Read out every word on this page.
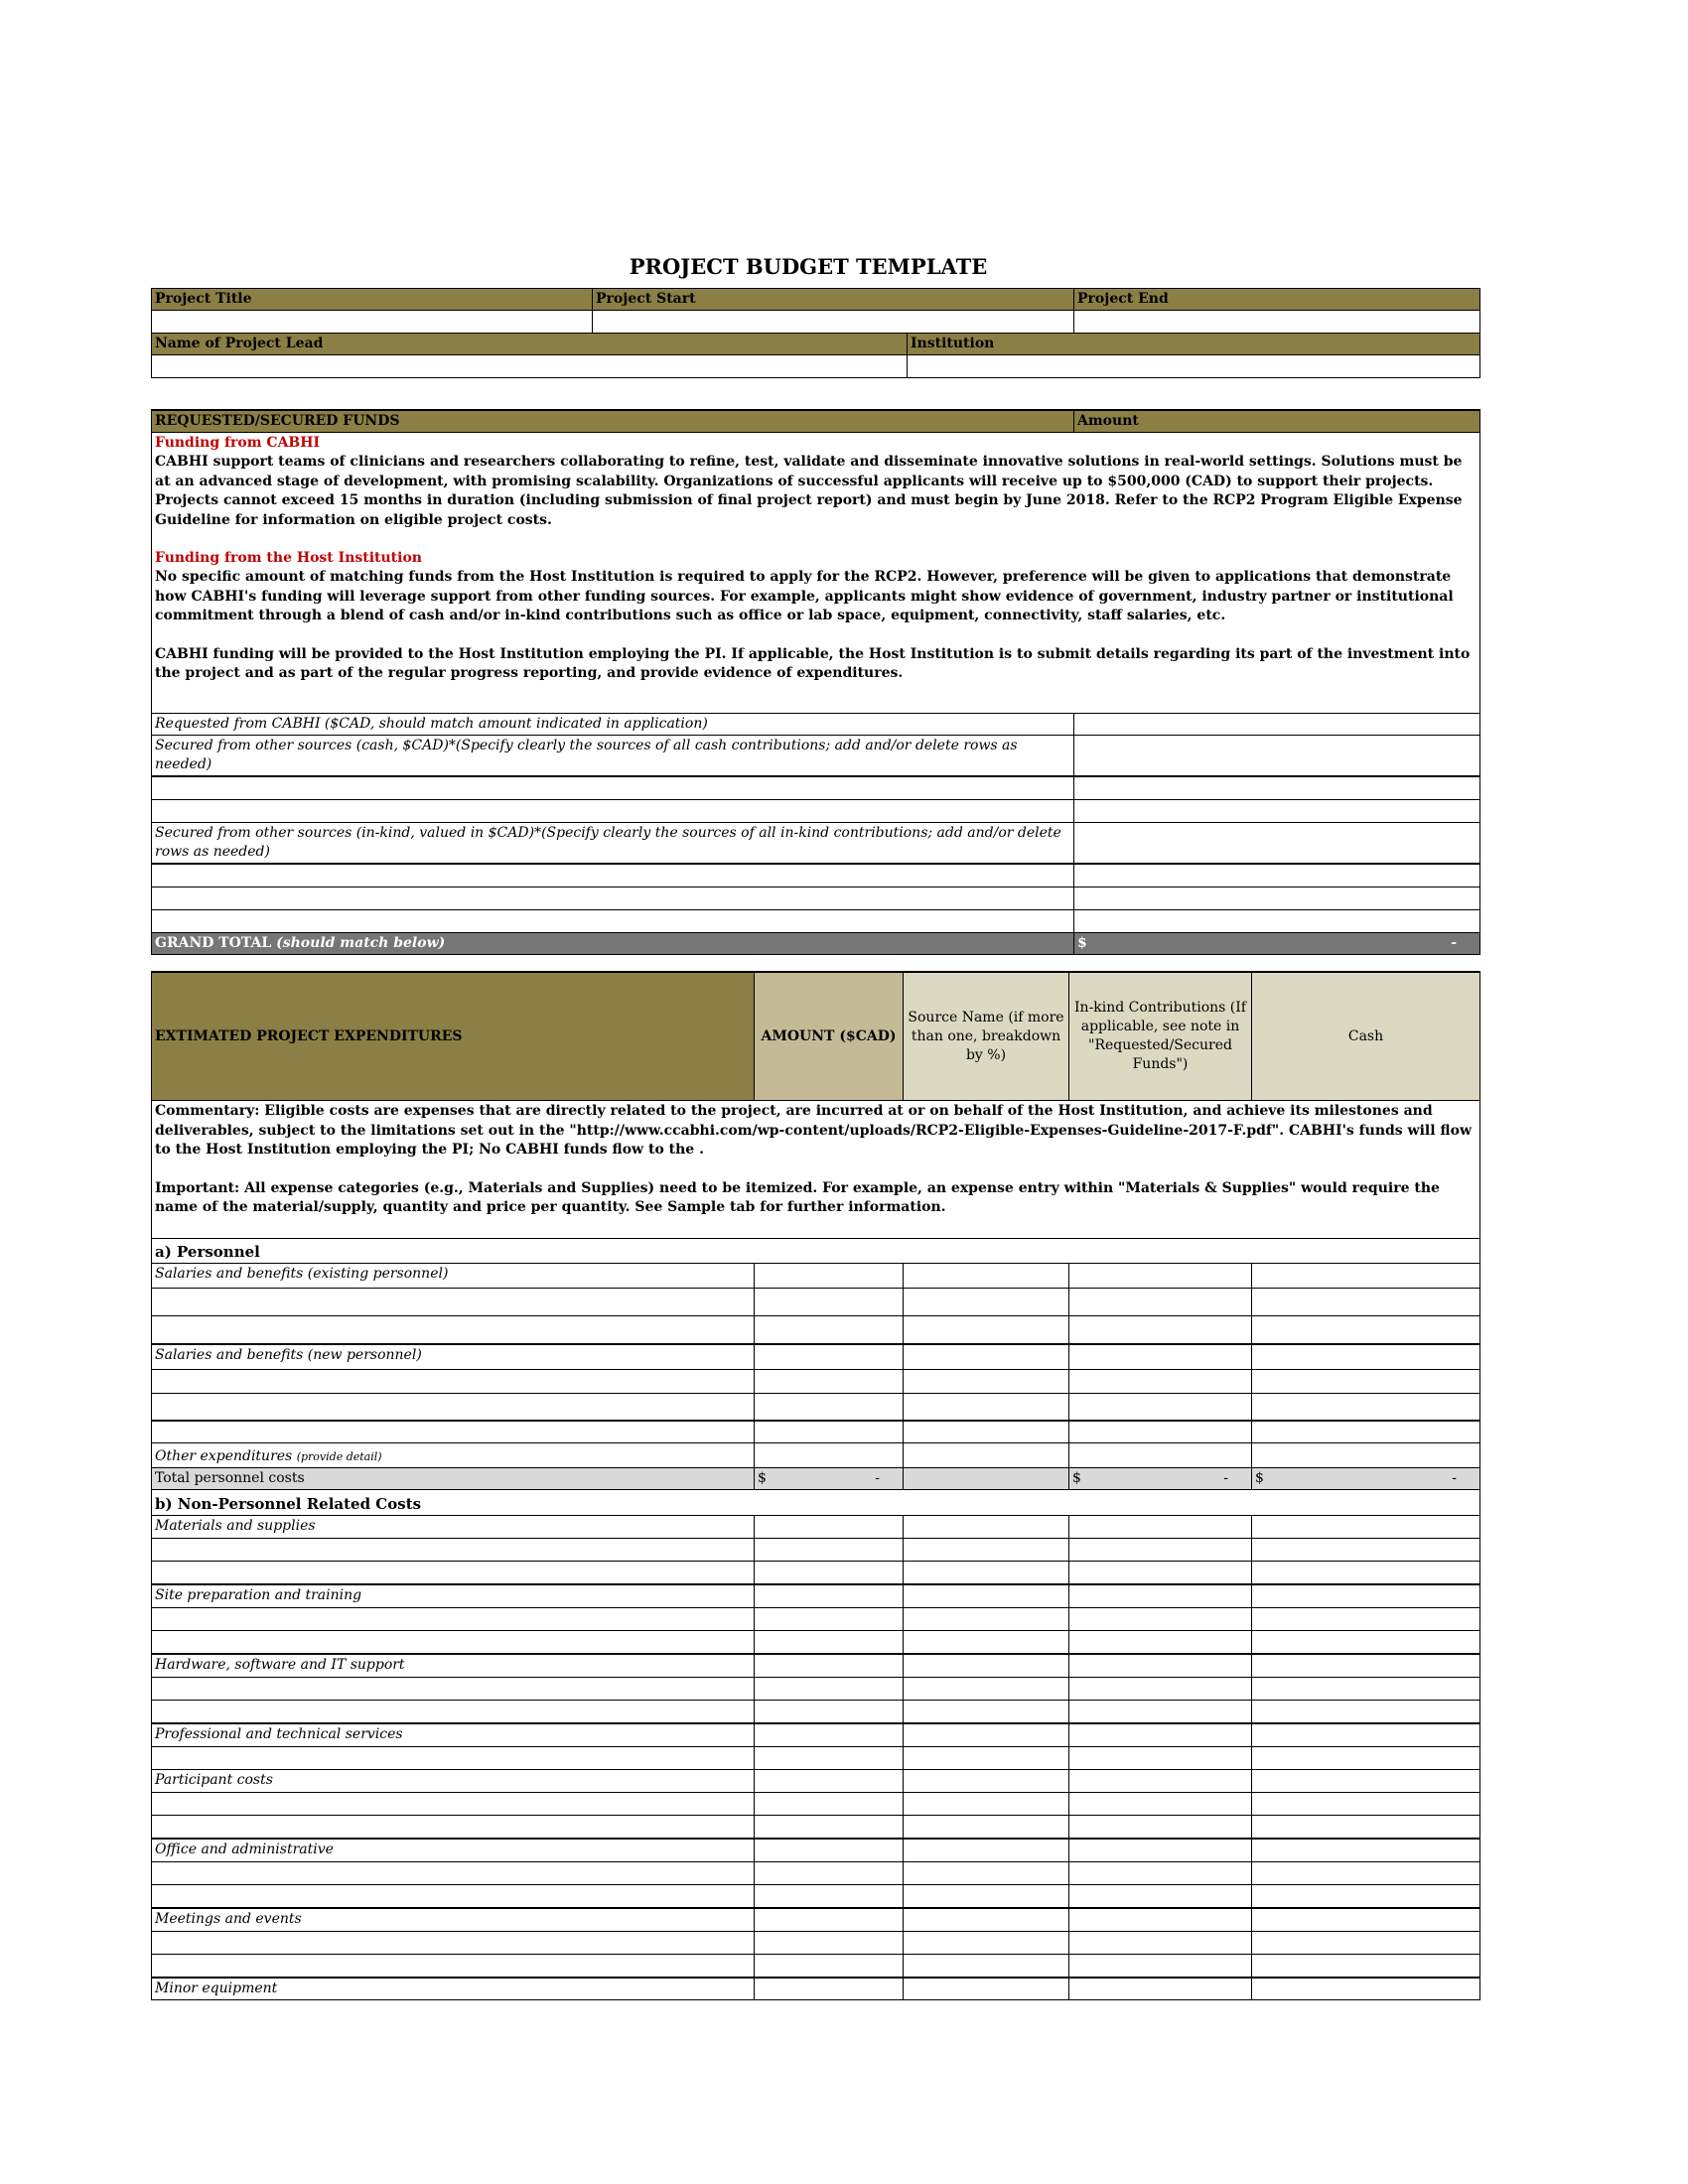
PROJECT BUDGET TEMPLATE
Project Title	Project Start		Project End

Name of Project Lead		Institution	

REQUESTED/SECURED FUNDS	Amount

Funding from CABHI
CABHI support teams of clinicians and researchers collaborating to refine, test, validate and disseminate innovative solutions in real-world settings. Solutions must be at an advanced stage of development, with promising scalability. Organizations of successful applicants will receive up to $500,000 (CAD) to support their projects. Projects cannot exceed 15 months in duration (including submission of final project report) and must begin by June 2018. Refer to the RCP2 Program Eligible Expense Guideline for information on eligible project costs.
Funding from the Host Institution
No specific amount of matching funds from the Host Institution is required to apply for the RCP2. However, preference will be given to applications that demonstrate how CABHI's funding will leverage support from other funding sources. For example, applicants might show evidence of government, industry partner or institutional commitment through a blend of cash and/or in-kind contributions such as office or lab space, equipment, connectivity, staff salaries, etc.
CABHI funding will be provided to the Host Institution employing the PI. If applicable, the Host Institution is to submit details regarding its part of the investment into the project and as part of the regular progress reporting, and provide evidence of expenditures.	

Requested from CABHI ($CAD, should match amount indicated in application)	
Secured from other sources (cash, $CAD)*(Specify clearly the sources of all cash contributions; add and/or delete rows as needed)	

Secured from other sources (in-kind, valued in $CAD)*(Specify clearly the sources of all in-kind contributions; add and/or delete rows as needed)	

GRAND TOTAL (should match below)	$ -

EXTIMATED PROJECT EXPENDITURES	AMOUNT ($CAD)	Source Name (if more than one, breakdown by %)	In-kind Contributions (If applicable, see note in "Requested/Secured Funds")	Cash

Commentary: Eligible costs are expenses that are directly related to the project, are incurred at or on behalf of the Host Institution, and achieve its milestones and deliverables, subject to the limitations set out in the "http://www.ccabhi.com/wp-content/uploads/RCP2-Eligible-Expenses-Guideline-2017-F.pdf". CABHI's funds will flow to the Host Institution employing the PI; No CABHI funds flow to the .
Important: All expense categories (e.g., Materials and Supplies) need to be itemized. For example, an expense entry within "Materials & Supplies" would require the name of the material/supply, quantity and price per quantity. See Sample tab for further information.				

a) Personnel				
Salaries and benefits (existing personnel)				

Salaries and benefits (new personnel)				

Other expenditures (provide detail)				
Total personnel costs	$ -		$ -	$ -

b) Non-Personnel Related Costs				
Materials and supplies				

Site preparation and training				

Hardware, software and IT support				

Professional and technical services				

Participant costs				

Office and administrative				

Meetings and events				

Minor equipment				
